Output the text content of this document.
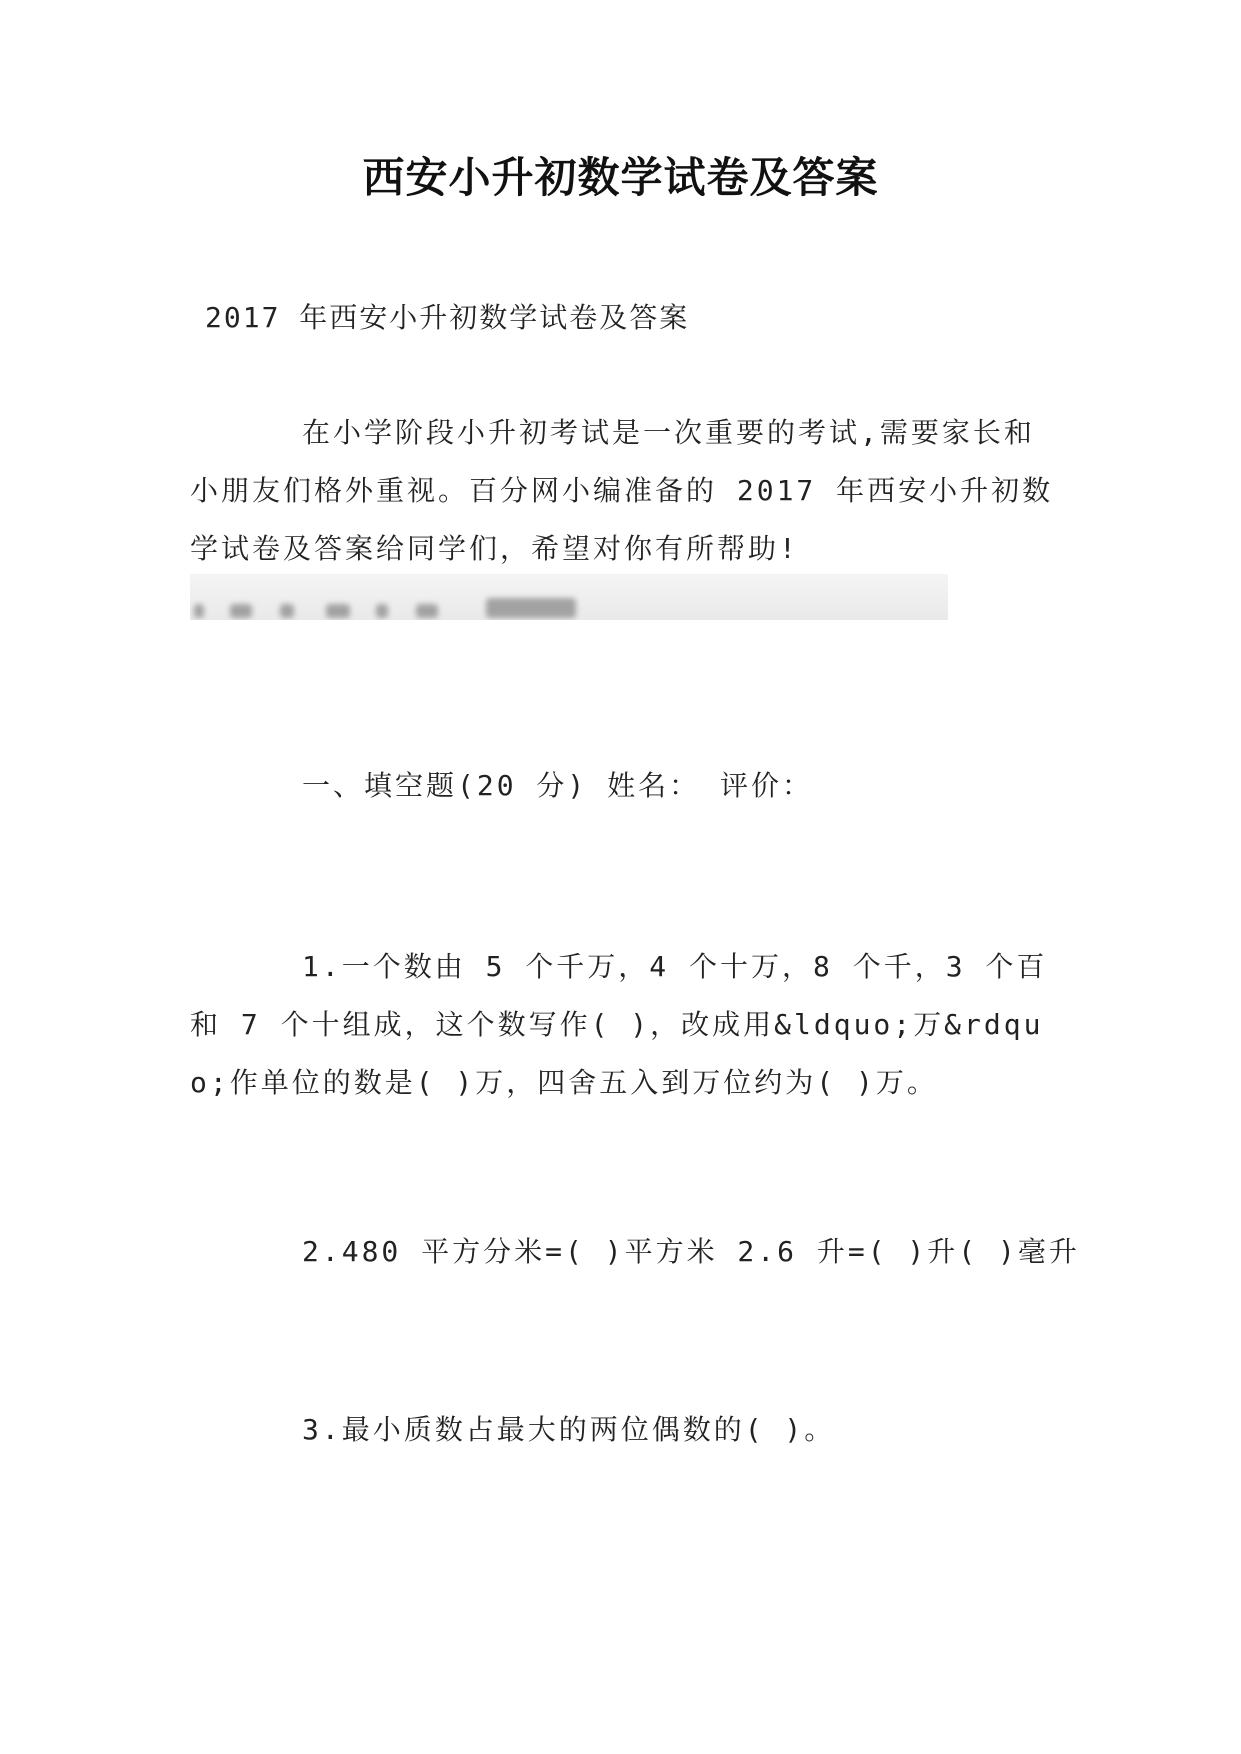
西安小升初数学试卷及答案
2017 年西安小升初数学试卷及答案
在小学阶段小升初考试是一次重要的考试,需要家长和小朋友们格外重视。百分网小编准备的 2017 年西安小升初数学试卷及答案给同学们，希望对你有所帮助!
一、填空题(20 分) 姓名： 评价：
1.一个数由 5 个千万，4 个十万，8 个千，3 个百和 7 个十组成，这个数写作( )，改成用&ldquo;万&rdquo;作单位的数是( )万，四舍五入到万位约为( )万。
2.480 平方分米=( )平方米 2.6 升=( )升( )毫升
3.最小质数占最大的两位偶数的( )。
